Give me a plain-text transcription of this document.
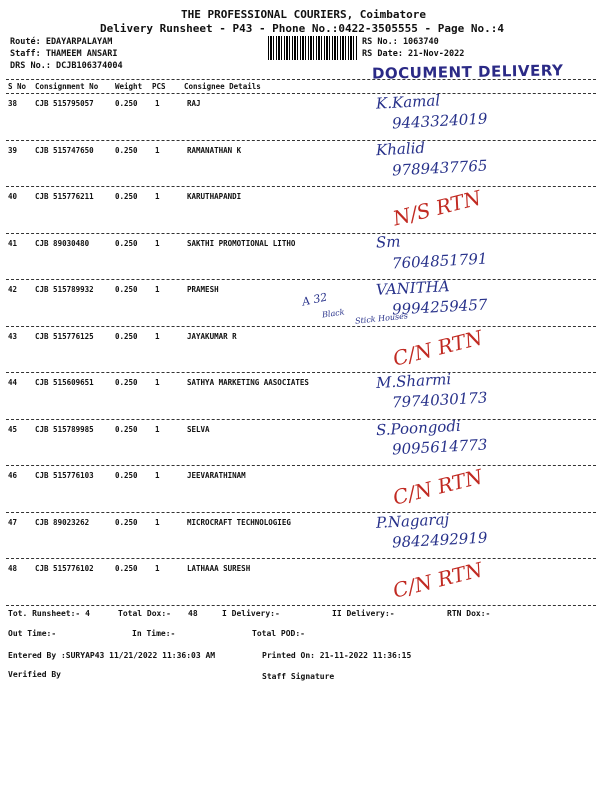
THE PROFESSIONAL COURIERS, Coimbatore
Delivery Runsheet - P43 - Phone No.:0422-3505555 - Page No.:4
Routé: EDAYARPALAYAM
Staff: THAMEEM ANSARI
DRS No.: DCJB106374004
RS No.: 1063740
RS Date: 21-Nov-2022
DOCUMENT DELIVERY
S No Consignment No Weight PCS Consignee Details
38 CJB 515795057	0.250 1	RAJ	K.Kamal
9443324019
39 CJB 515747650	0.250 1	RAMANATHAN K	Khalid
9789437765
40 CJB 515776211	0.250 1	KARUTHAPANDI	N/S RTN
41 CJB 89030480	0.250 1	SAKTHI PROMOTIONAL LITHO	Sm
7604851791
42 CJB 515789932	0.250 1	PRAMESH	VANITHA
9994259457
43 CJB 515776125	0.250 1	JAYAKUMAR R	C/N RTN
44 CJB 515609651	0.250 1	SATHYA MARKETING AASOCIATES	M.Sharmi
7974030173
45 CJB 515789985	0.250 1	SELVA	S.Poongodi
9095614773
46 CJB 515776103	0.250 1	JEEVARATHINAM	C/N RTN
47 CJB 89023262	0.250 1	MICROCRAFT TECHNOLOGIEG	P.Nagaraj
9842492919
48 CJB 515776102	0.250 1	LATHAAA SURESH	C/N RTN
A 32
Black Stick Houses
Tot. Runsheet:- 4	Total Dox:- 48	I Delivery:-	II Delivery:-	RTN Dox:-
Out Time:-	In Time:-	Total POD:-
Entered By :SURYAP43 11/21/2022 11:36:03 AM	Printed On: 21-11-2022 11:36:15
Verified By	Staff Signature
